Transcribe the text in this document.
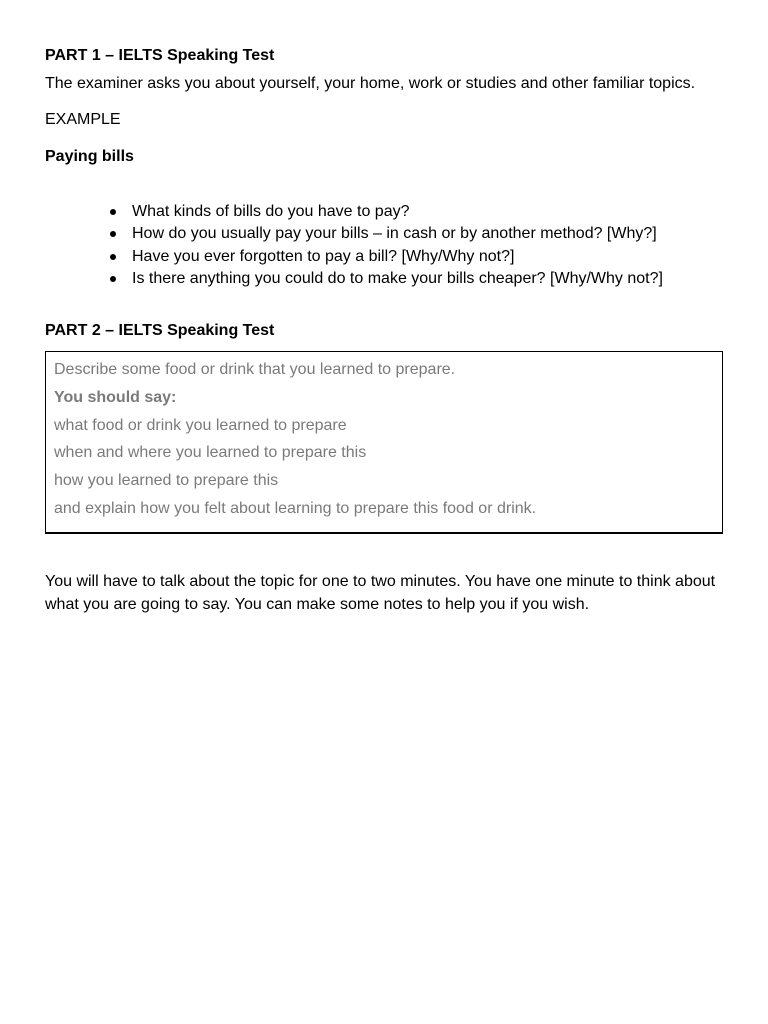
PART 1 – IELTS Speaking Test

The examiner asks you about yourself, your home, work or studies and other familiar topics.

EXAMPLE

Paying bills
What kinds of bills do you have to pay?
How do you usually pay your bills – in cash or by another method? [Why?]
Have you ever forgotten to pay a bill? [Why/Why not?]
Is there anything you could do to make your bills cheaper? [Why/Why not?]
PART 2 – IELTS Speaking Test
Describe some food or drink that you learned to prepare.
You should say:
what food or drink you learned to prepare
when and where you learned to prepare this
how you learned to prepare this
and explain how you felt about learning to prepare this food or drink.

You will have to talk about the topic for one to two minutes. You have one minute to think about what you are going to say. You can make some notes to help you if you wish.
